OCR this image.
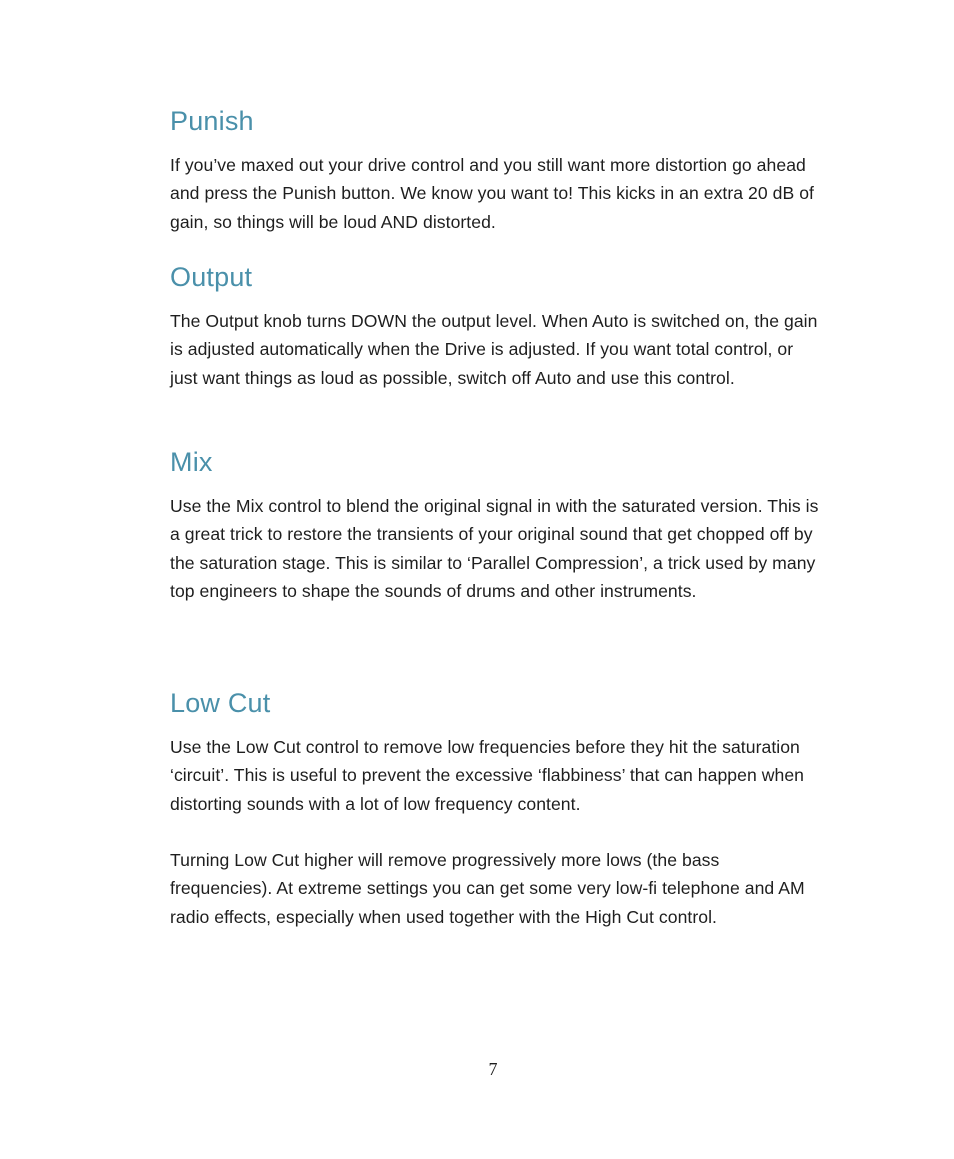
Punish

If you’ve maxed out your drive control and you still want more distortion go ahead and press the Punish button. We know you want to! This kicks in an extra 20 dB of gain, so things will be loud AND distorted.

Output

The Output knob turns DOWN the output level. When Auto is switched on, the gain is adjusted automatically when the Drive is adjusted. If you want total control, or just want things as loud as possible, switch off Auto and use this control.

Mix

Use the Mix control to blend the original signal in with the saturated version. This is a great trick to restore the transients of your original sound that get chopped off by the saturation stage. This is similar to ‘Parallel Compression’, a trick used by many top engineers to shape the sounds of drums and other instruments.

Low Cut

Use the Low Cut control to remove low frequencies before they hit the saturation ‘circuit’. This is useful to prevent the excessive ‘flabbiness’ that can happen when distorting sounds with a lot of low frequency content.

Turning Low Cut higher will remove progressively more lows (the bass frequencies). At extreme settings you can get some very low-fi telephone and AM radio effects, especially when used together with the High Cut control.

7
